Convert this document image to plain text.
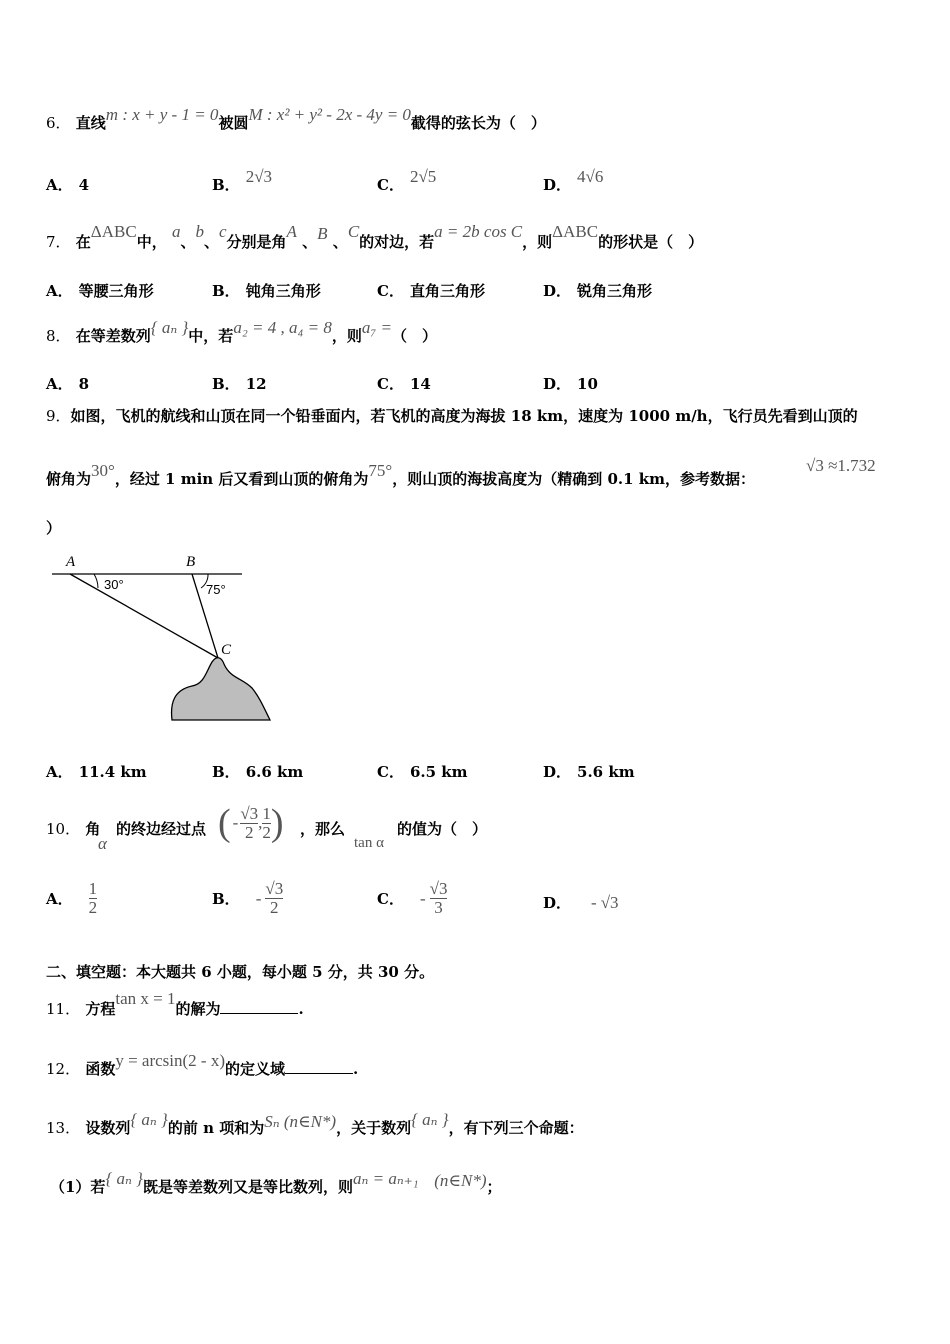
6． 直线m : x + y - 1 = 0被圆M : x² + y² - 2x - 4y = 0截得的弦长为（　）
A． 4	B． 2√3	C． 2√5	D． 4√6
7． 在ΔABC中， a、b、c分别是角A 、B 、C的对边，若a = 2b cos C，则ΔABC的形状是（　）
A． 等腰三角形	B． 钝角三角形	C． 直角三角形	D． 锐角三角形
8． 在等差数列{ aₙ }中，若a₂ = 4 , a₄ = 8，则a₇ =（　）
A． 8	B． 12	C． 14	D． 10
9．如图，飞机的航线和山顶在同一个铅垂面内，若飞机的高度为海拔 18 km，速度为 1000 m/h，飞行员先看到山顶的
俯角为30°，经过 1 min 后又看到山顶的俯角为75°，则山顶的海拔高度为（精确到 0.1 km，参考数据：
√3 ≈1.732
）
A	B
C
30°	75°
A． 11.4 km	B． 6.6 km	C． 6.5 km	D． 5.6 km
10． 角
α
的终边经过点 ( - $\frac{√3}{2}$ , $\frac{1}{2}$ ) ，那么
tan α
的值为（　）
A． $\frac{1}{2}$	B． - $\frac{√3}{2}$	C． - $\frac{√3}{3}$	D． - √3
二、填空题：本大题共 6 小题，每小题 5 分，共 30 分。
11． 方程tan x = 1的解为	.
12． 函数y = arcsin(2 - x)的定义域	.
13． 设数列{ aₙ }的前 n 项和为Sₙ (n∈N*)，关于数列{ aₙ }，有下列三个命题：
（1）若{ aₙ }既是等差数列又是等比数列，则aₙ = aₙ₊₁ (n∈N*)；
